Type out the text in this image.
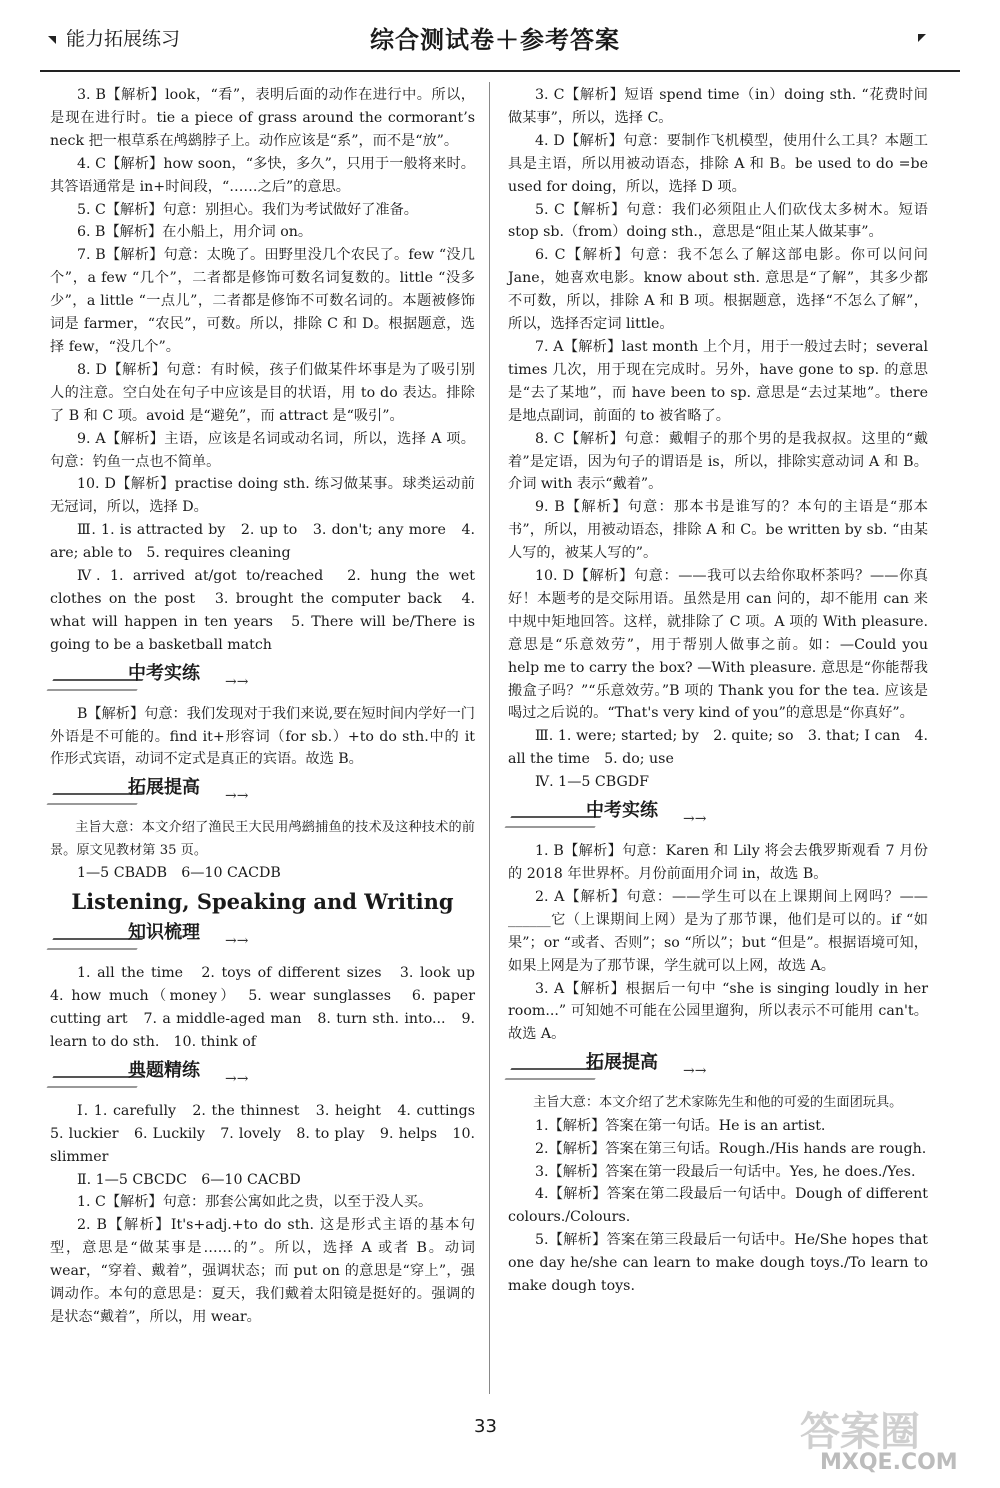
能力拓展练习	综合测试卷＋参考答案

3. B【解析】look，“看”，表明后面的动作在进行中。所以，是现在进行时。tie a piece of grass around the cormorant’s neck 把一根草系在鸬鹚脖子上。动作应该是“系”，而不是“放”。

4. C【解析】how soon，“多快，多久”，只用于一般将来时。其答语通常是 in+时间段，“……之后”的意思。

5. C【解析】句意：别担心。我们为考试做好了准备。

6. B【解析】在小船上，用介词 on。

7. B【解析】句意：太晚了。田野里没几个农民了。few “没几个”，a few “几个”，二者都是修饰可数名词复数的。little “没多少”，a little “一点儿”，二者都是修饰不可数名词的。本题被修饰词是 farmer，“农民”，可数。所以，排除 C 和 D。根据题意，选择 few，“没几个”。

8. D【解析】句意：有时候，孩子们做某件坏事是为了吸引别人的注意。空白处在句子中应该是目的状语，用 to do 表达。排除了 B 和 C 项。avoid 是“避免”，而 attract 是“吸引”。

9. A【解析】主语，应该是名词或动名词，所以，选择 A 项。句意：钓鱼一点也不简单。

10. D【解析】practise doing sth. 练习做某事。球类运动前无冠词，所以，选择 D。

Ⅲ. 1. is attracted by　2. up to　3. don't; any more　4. are; able to　5. requires cleaning

Ⅳ. 1. arrived at/got to/reached　2. hung the wet clothes on the post　3. brought the computer back　4. what will happen in ten years　5. There will be/There is going to be a basketball match

中考实练 →→

B【解析】句意：我们发现对于我们来说,要在短时间内学好一门外语是不可能的。find it+形容词（for sb.）+to do sth.中的 it 作形式宾语，动词不定式是真正的宾语。故选 B。

拓展提高 →→

主旨大意：本文介绍了渔民王大民用鸬鹚捕鱼的技术及这种技术的前景。原文见教材第 35 页。

1—5 CBADB　6—10 CACDB

Listening, Speaking and Writing
知识梳理 →→

1. all the time　2. toys of different sizes　3. look up　4. how much（money）　5. wear sunglasses　6. paper cutting art　7. a middle-aged man　8. turn sth. into...　9. learn to do sth.　10. think of

典题精练 →→

Ⅰ. 1. carefully　2. the thinnest　3. height　4. cuttings　5. luckier　6. Luckily　7. lovely　8. to play　9. helps　10. slimmer

Ⅱ. 1—5 CBCDC　6—10 CACBD

1. C【解析】句意：那套公寓如此之贵，以至于没人买。

2. B【解析】It's+adj.+to do sth. 这是形式主语的基本句型，意思是“做某事是……的”。所以，选择 A 或者 B。动词 wear，“穿着、戴着”，强调状态；而 put on 的意思是“穿上”，强调动作。本句的意思是：夏天，我们戴着太阳镜是挺好的。强调的是状态“戴着”，所以，用 wear。

3. C【解析】短语 spend time（in）doing sth. “花费时间做某事”，所以，选择 C。

4. D【解析】句意：要制作飞机模型，使用什么工具？本题工具是主语，所以用被动语态，排除 A 和 B。be used to do =be used for doing，所以，选择 D 项。

5. C【解析】句意：我们必须阻止人们砍伐太多树木。短语 stop sb.（from）doing sth.，意思是“阻止某人做某事”。

6. C【解析】句意：我不怎么了解这部电影。你可以问问 Jane，她喜欢电影。know about sth. 意思是“了解”，其多少都不可数，所以，排除 A 和 B 项。根据题意，选择“不怎么了解”，所以，选择否定词 little。

7. A【解析】last month 上个月，用于一般过去时；several times 几次，用于现在完成时。另外，have gone to sp. 的意思是“去了某地”，而 have been to sp. 意思是“去过某地”。there 是地点副词，前面的 to 被省略了。

8. C【解析】句意：戴帽子的那个男的是我叔叔。这里的“戴着”是定语，因为句子的谓语是 is，所以，排除实意动词 A 和 B。介词 with 表示“戴着”。

9. B【解析】句意：那本书是谁写的？本句的主语是“那本书”，所以，用被动语态，排除 A 和 C。be written by sb. “由某人写的，被某人写的”。

10. D【解析】句意：——我可以去给你取杯茶吗？——你真好！本题考的是交际用语。虽然是用 can 问的，却不能用 can 来中规中矩地回答。这样，就排除了 C 项。A 项的 With pleasure. 意思是“乐意效劳”，用于帮别人做事之前。如：—Could you help me to carry the box? —With pleasure. 意思是“你能帮我搬盒子吗？”“乐意效劳。”B 项的 Thank you for the tea. 应该是喝过之后说的。“That's very kind of you”的意思是“你真好”。

Ⅲ. 1. were; started; by　2. quite; so　3. that; I can　4. all the time　5. do; use

Ⅳ. 1—5 CBGDF

中考实练 →→

1. B【解析】句意：Karen 和 Lily 将会去俄罗斯观看 7 月份的 2018 年世界杯。月份前面用介词 in，故选 B。

2. A【解析】句意：——学生可以在上课期间上网吗？——______它（上课期间上网）是为了那节课，他们是可以的。if “如果”；or “或者、否则”；so “所以”；but “但是”。根据语境可知，如果上网是为了那节课，学生就可以上网，故选 A。

3. A【解析】根据后一句中 “she is singing loudly in her room...” 可知她不可能在公园里遛狗，所以表示不可能用 can't。故选 A。

拓展提高 →→

主旨大意：本文介绍了艺术家陈先生和他的可爱的生面团玩具。

1.【解析】答案在第一句话。He is an artist.

2.【解析】答案在第三句话。Rough./His hands are rough.

3.【解析】答案在第一段最后一句话中。Yes, he does./Yes.

4.【解析】答案在第二段最后一句话中。Dough of different colours./Colours.

5.【解析】答案在第三段最后一句话中。He/She hopes that one day he/she can learn to make dough toys./To learn to make dough toys.

33	答案圈
MXQE.COM
